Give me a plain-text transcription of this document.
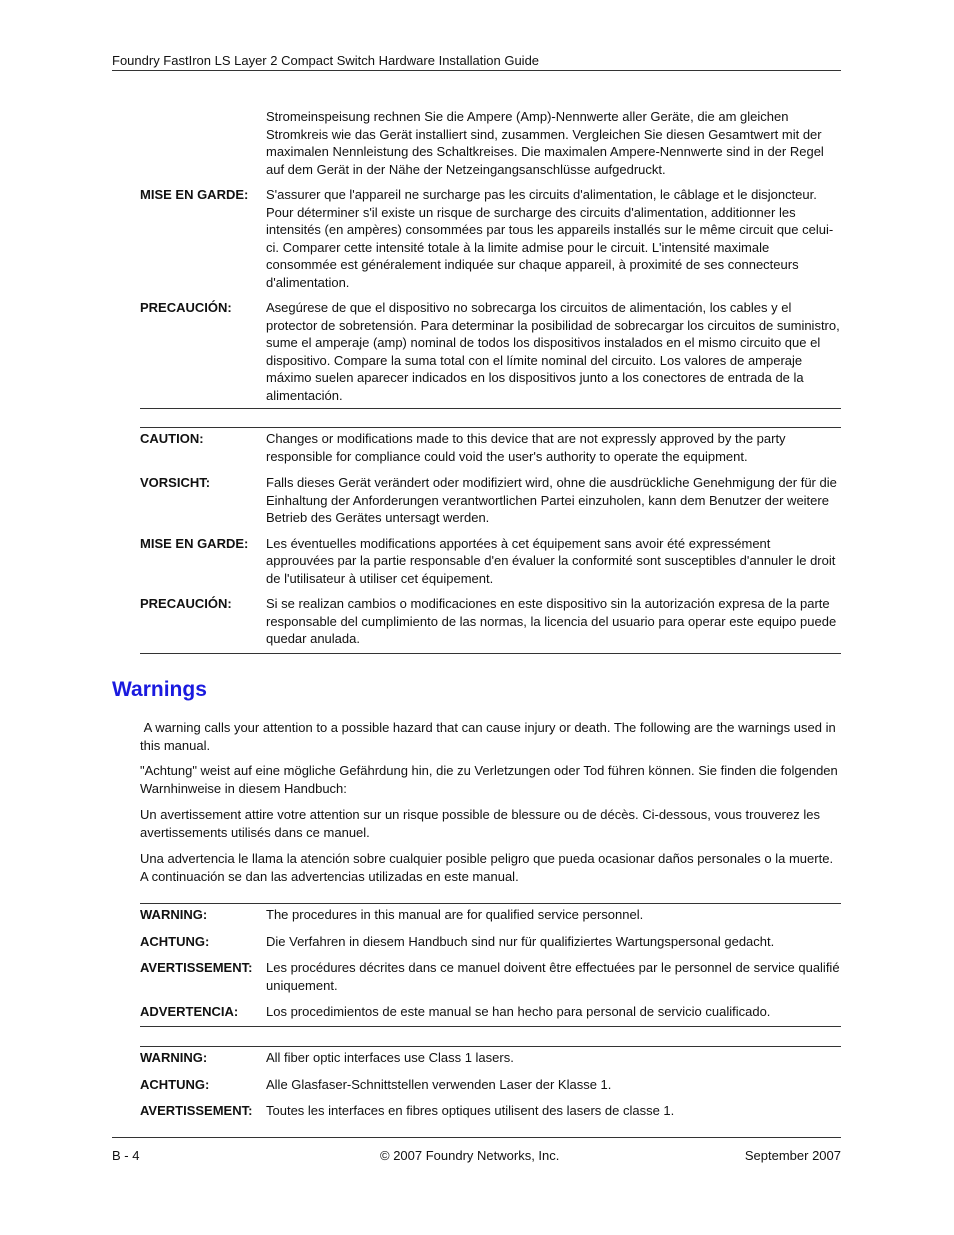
Foundry FastIron LS Layer 2 Compact Switch Hardware Installation Guide
Stromeinspeisung rechnen Sie die Ampere (Amp)-Nennwerte aller Geräte, die am gleichen Stromkreis wie das Gerät installiert sind, zusammen. Vergleichen Sie diesen Gesamtwert mit der maximalen Nennleistung des Schaltkreises. Die maximalen Ampere-Nennwerte sind in der Regel auf dem Gerät in der Nähe der Netzeingangsanschlüsse aufgedruckt.
MISE EN GARDE: S'assurer que l'appareil ne surcharge pas les circuits d'alimentation, le câblage et le disjoncteur. Pour déterminer s'il existe un risque de surcharge des circuits d'alimentation, additionner les intensités (en ampères) consommées par tous les appareils installés sur le même circuit que celui-ci. Comparer cette intensité totale à la limite admise pour le circuit. L'intensité maximale consommée est généralement indiquée sur chaque appareil, à proximité de ses connecteurs d'alimentation.
PRECAUCIÓN:	Asegúrese de que el dispositivo no sobrecarga los circuitos de alimentación, los cables y el protector de sobretensión. Para determinar la posibilidad de sobrecargar los circuitos de suministro, sume el amperaje (amp) nominal de todos los dispositivos instalados en el mismo circuito que el dispositivo. Compare la suma total con el límite nominal del circuito. Los valores de amperaje máximo suelen aparecer indicados en los dispositivos junto a los conectores de entrada de la alimentación.
CAUTION:	Changes or modifications made to this device that are not expressly approved by the party responsible for compliance could void the user's authority to operate the equipment.
VORSICHT:	Falls dieses Gerät verändert oder modifiziert wird, ohne die ausdrückliche Genehmigung der für die Einhaltung der Anforderungen verantwortlichen Partei einzuholen, kann dem Benutzer der weitere Betrieb des Gerätes untersagt werden.
MISE EN GARDE: Les éventuelles modifications apportées à cet équipement sans avoir été expressément approuvées par la partie responsable d'en évaluer la conformité sont susceptibles d'annuler le droit de l'utilisateur à utiliser cet équipement.
PRECAUCIÓN:	Si se realizan cambios o modificaciones en este dispositivo sin la autorización expresa de la parte responsable del cumplimiento de las normas, la licencia del usuario para operar este equipo puede quedar anulada.
Warnings
A warning calls your attention to a possible hazard that can cause injury or death. The following are the warnings used in this manual.
"Achtung" weist auf eine mögliche Gefährdung hin, die zu Verletzungen oder Tod führen können. Sie finden die folgenden Warnhinweise in diesem Handbuch:
Un avertissement attire votre attention sur un risque possible de blessure ou de décès. Ci-dessous, vous trouverez les avertissements utilisés dans ce manuel.
Una advertencia le llama la atención sobre cualquier posible peligro que pueda ocasionar daños personales o la muerte. A continuación se dan las advertencias utilizadas en este manual.
WARNING:	The procedures in this manual are for qualified service personnel.
ACHTUNG:	Die Verfahren in diesem Handbuch sind nur für qualifiziertes Wartungspersonal gedacht.
AVERTISSEMENT: Les procédures décrites dans ce manuel doivent être effectuées par le personnel de service qualifié uniquement.
ADVERTENCIA: Los procedimientos de este manual se han hecho para personal de servicio cualificado.
WARNING:	All fiber optic interfaces use Class 1 lasers.
ACHTUNG:	Alle Glasfaser-Schnittstellen verwenden Laser der Klasse 1.
AVERTISSEMENT: Toutes les interfaces en fibres optiques utilisent des lasers de classe 1.
B - 4	© 2007 Foundry Networks, Inc.	September 2007
